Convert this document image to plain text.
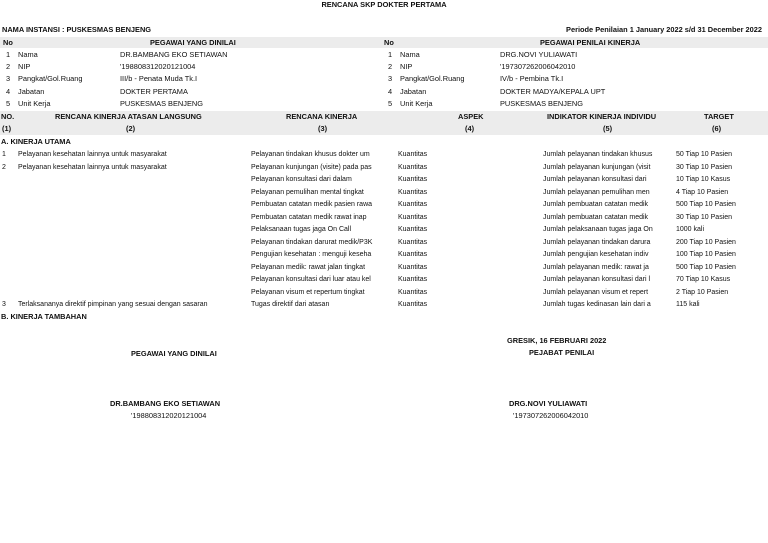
RENCANA SKP DOKTER PERTAMA
NAMA INSTANSI : PUSKESMAS BENJENG	Periode Penilaian 1 January 2022 s/d 31 December 2022
No	PEGAWAI YANG DINILAI	No	PEGAWAI PENILAI KINERJA
1 Nama	DR.BAMBANG EKO SETIAWAN
2 NIP	'198808312020121004
3 Pangkat/Gol.Ruang	III/b - Penata Muda Tk.I
4 Jabatan	DOKTER PERTAMA
5 Unit Kerja	PUSKESMAS BENJENG
1 Nama	DRG.NOVI YULIAWATI
2 NIP	'197307262006042010
3 Pangkat/Gol.Ruang	IV/b - Pembina Tk.I
4 Jabatan	DOKTER MADYA/KEPALA UPT
5 Unit Kerja	PUSKESMAS BENJENG
NO.	RENCANA KINERJA ATASAN LANGSUNG	RENCANA KINERJA	ASPEK	INDIKATOR KINERJA INDIVIDU	TARGET
(1)	(2)	(3)	(4)	(5)	(6)
A. KINERJA UTAMA
1 Pelayanan kesehatan lainnya untuk masyarakat	Pelayanan tindakan khusus dokter um	Kuantitas	Jumlah pelayanan tindakan khusus	50 Tiap 10 Pasien
2 Pelayanan kesehatan lainnya untuk masyarakat	Pelayanan kunjungan (visite) pada pas	Kuantitas	Jumlah pelayanan kunjungan (visit	30 Tiap 10 Pasien
Pelayanan konsultasi dari dalam	Kuantitas	Jumlah pelayanan konsultasi dari	10 Tiap 10 Kasus
Pelayanan pemulihan mental tingkat	Kuantitas	Jumlah pelayanan pemulihan men	4 Tiap 10 Pasien
Pembuatan catatan medik pasien rawa	Kuantitas	Jumlah pembuatan catatan medik	500 Tiap 10 Pasien
Pembuatan catatan medik rawat inap	Kuantitas	Jumlah pembuatan catatan medik	30 Tiap 10 Pasien
Pelaksanaan tugas jaga On Call	Kuantitas	Jumlah pelaksanaan tugas jaga On	1000 kali
Pelayanan tindakan darurat medik/P3K	Kuantitas	Jumlah pelayanan tindakan darura	200 Tiap 10 Pasien
Pengujian kesehatan : menguji keseha	Kuantitas	Jumlah pengujian kesehatan indiv	100 Tiap 10 Pasien
Pelayanan medik: rawat jalan tingkat	Kuantitas	Jumlah pelayanan medik: rawat ja	500 Tiap 10 Pasien
Pelayanan konsultasi dari luar atau kel	Kuantitas	Jumlah pelayanan konsultasi dari l	70 Tiap 10 Kasus
Pelayanan visum et repertum tingkat	Kuantitas	Jumlah pelayanan visum et repert	2 Tiap 10 Pasien
3 Terlaksananya direktif pimpinan yang sesuai dengan sasaran	Tugas direktif dari atasan	Kuantitas	Jumlah tugas kedinasan lain dari a	115 kali
B. KINERJA TAMBAHAN
GRESIK, 16 FEBRUARI 2022
PEGAWAI YANG DINILAI	PEJABAT PENILAI
DR.BAMBANG EKO SETIAWAN
'198808312020121004
DRG.NOVI YULIAWATI
'197307262006042010
